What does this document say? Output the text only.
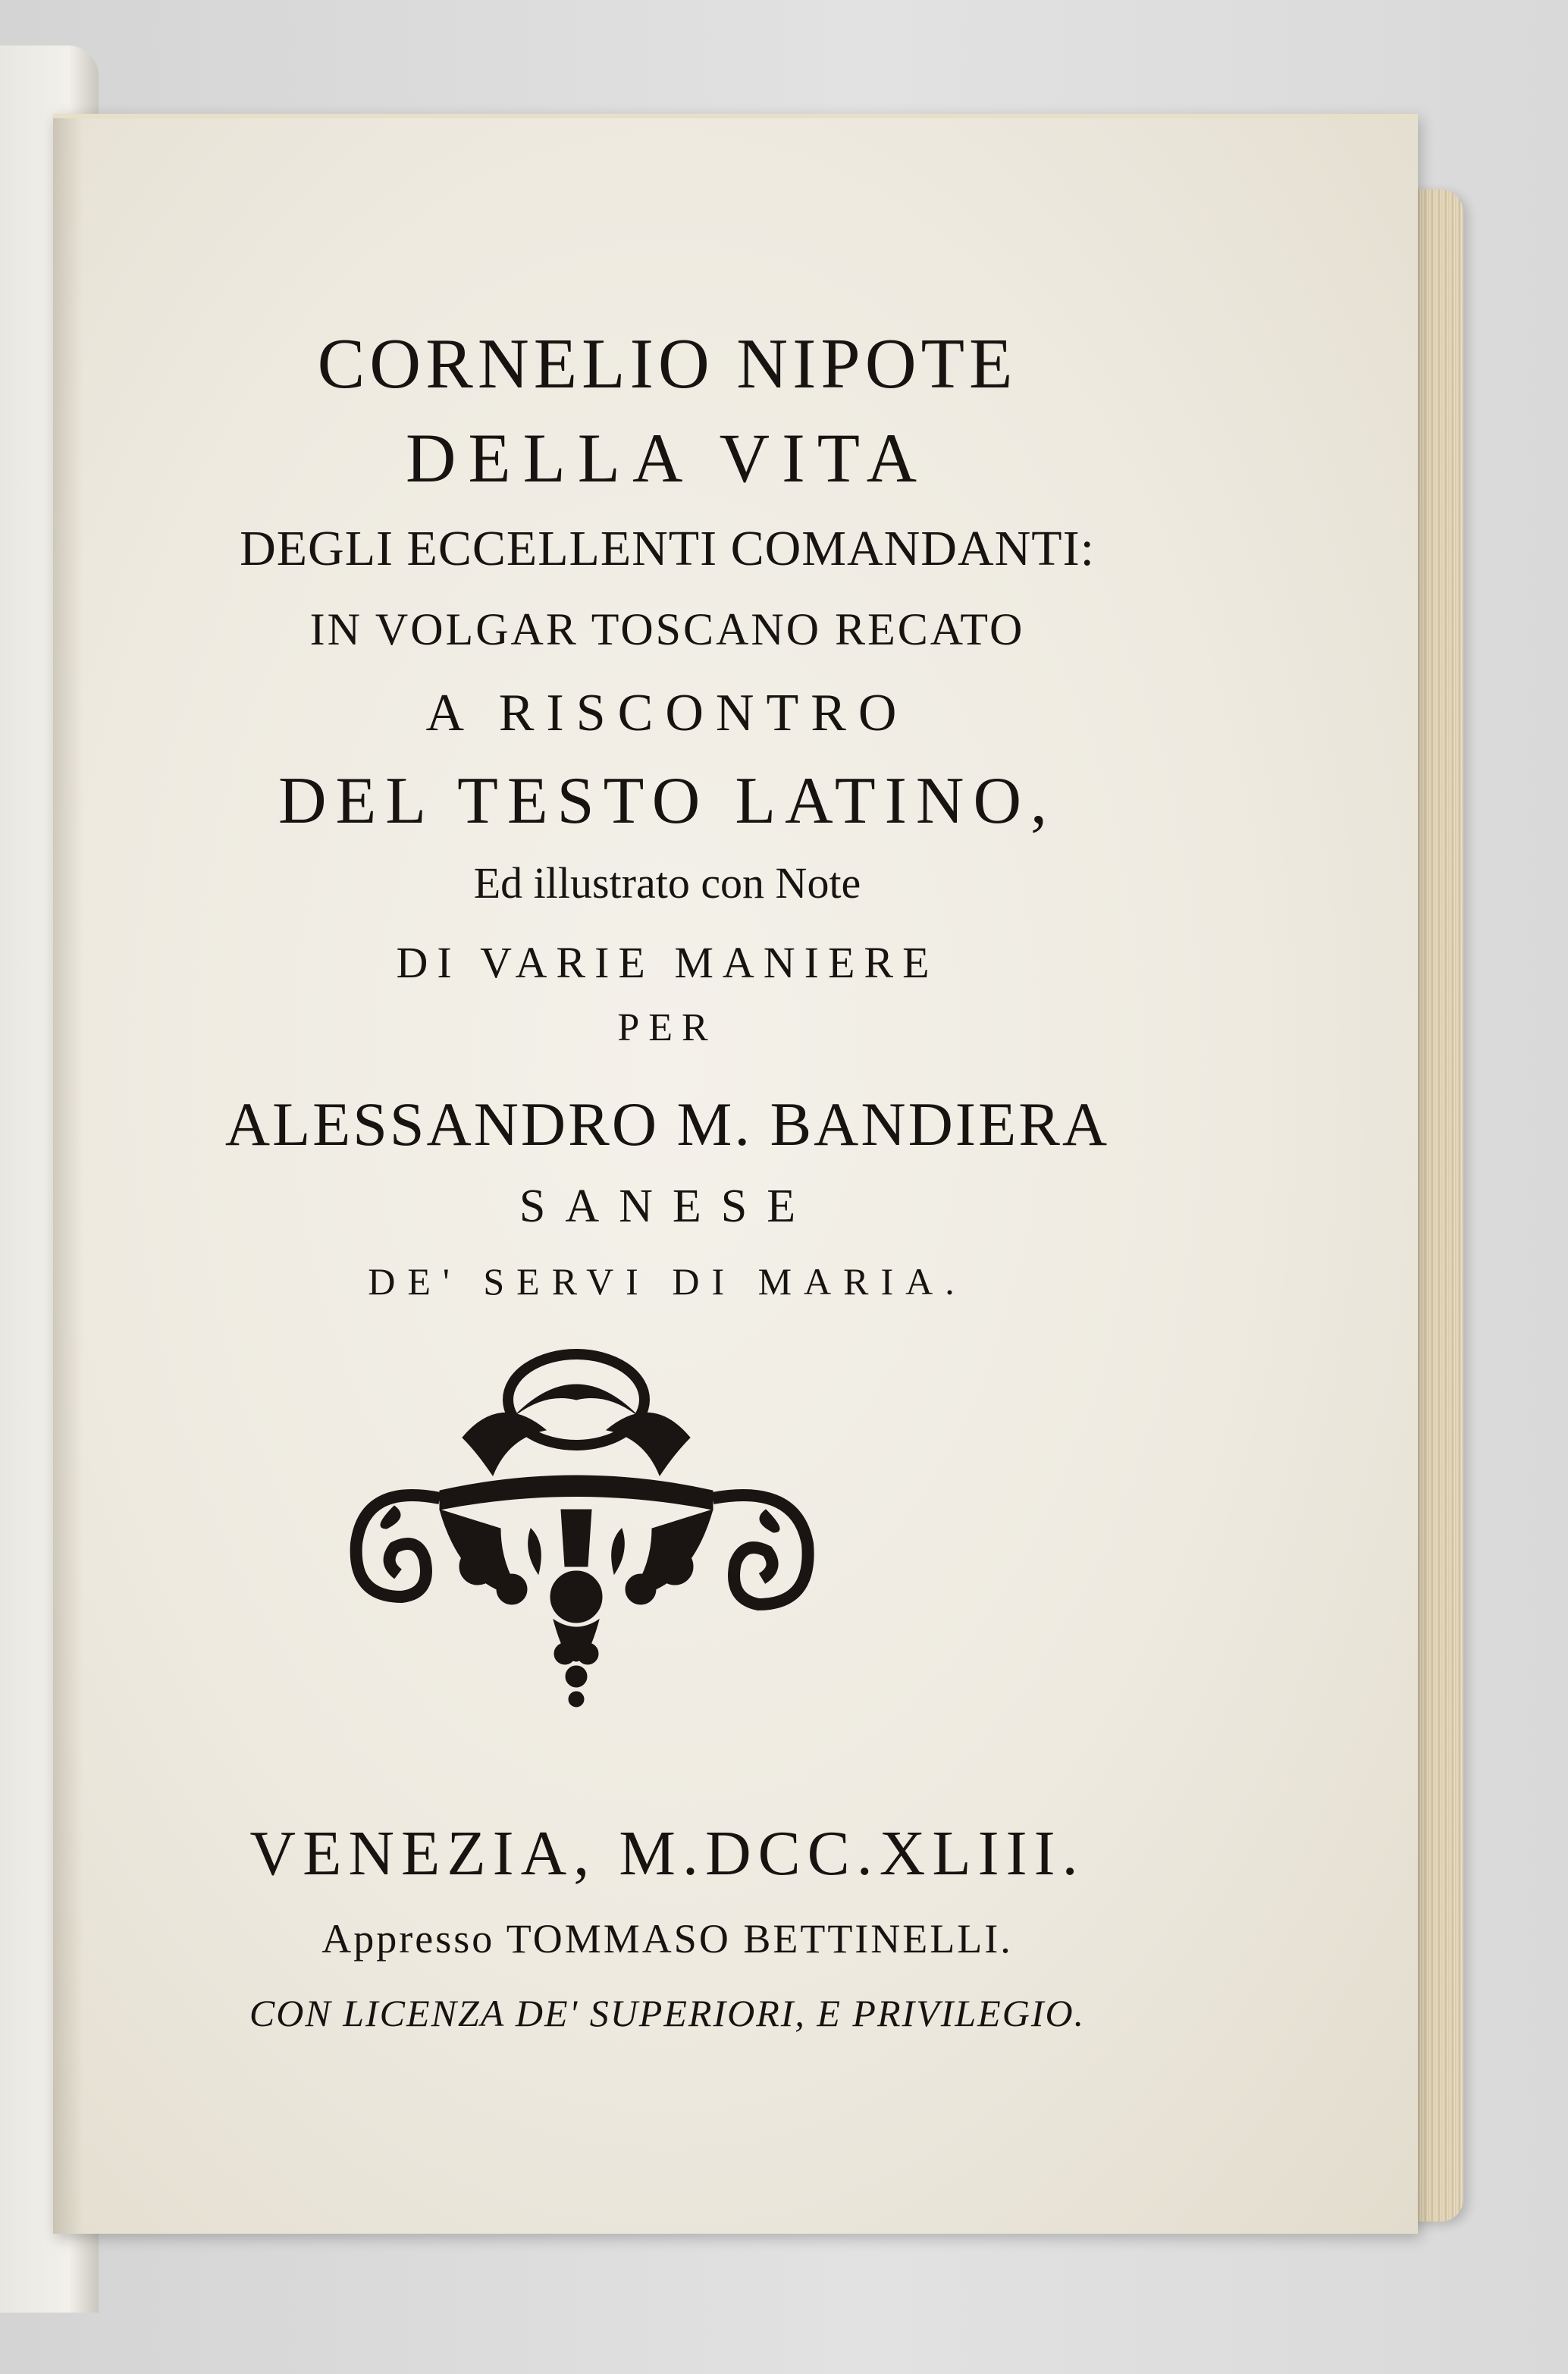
CORNELIO NIPOTE

DELLA VITA

DEGLI ECCELLENTI COMANDANTI:

IN VOLGAR TOSCANO RECATO

A RISCONTRO

DEL TESTO LATINO,

Ed illustrato con Note

DI VARIE MANIERE

PER

ALESSANDRO M. BANDIERA

SANESE

DE' SERVI DI MARIA.

VENEZIA, M.DCC.XLIII.

Appresso TOMMASO BETTINELLI.

CON LICENZA DE' SUPERIORI, E PRIVILEGIO.
